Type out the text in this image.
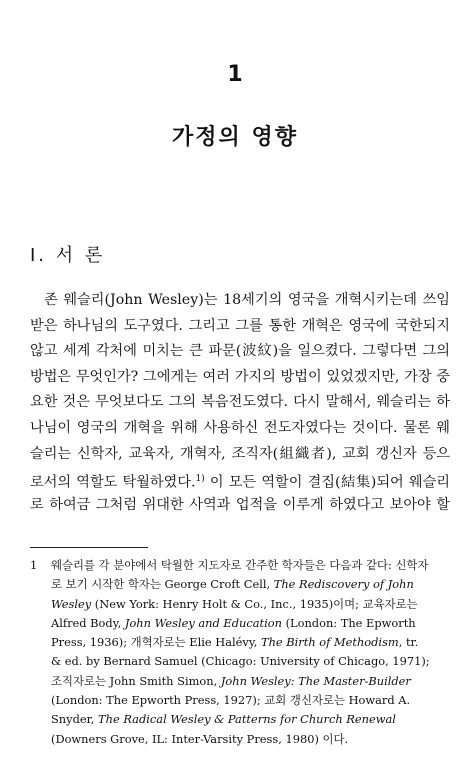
1
가정의 영향
I. 서 론
존 웨슬리(John Wesley)는 18세기의 영국을 개혁시키는데 쓰임
받은 하나님의 도구였다. 그리고 그를 통한 개혁은 영국에 국한되지
않고 세계 각처에 미치는 큰 파문(波紋)을 일으켰다. 그렇다면 그의
방법은 무엇인가? 그에게는 여러 가지의 방법이 있었겠지만, 가장 중
요한 것은 무엇보다도 그의 복음전도였다. 다시 말해서, 웨슬리는 하
나님이 영국의 개혁을 위해 사용하신 전도자였다는 것이다. 물론 웨
슬리는 신학자, 교육자, 개혁자, 조직자(組織者), 교회 갱신자 등으
로서의 역할도 탁월하였다.$^{1)}$ 이 모든 역할이 결집(結集)되어 웨슬리
로 하여금 그처럼 위대한 사역과 업적을 이루게 하였다고 보아야 할
1 웨슬리를 각 분야에서 탁월한 지도자로 간주한 학자들은 다음과 같다: 신학자
로 보기 시작한 학자는 George Croft Cell, The Rediscovery of John
Wesley (New York: Henry Holt & Co., Inc., 1935)이며; 교육자로는
Alfred Body, John Wesley and Education (London: The Epworth
Press, 1936); 개혁자로는 Elie Halévy, The Birth of Methodism, tr.
& ed. by Bernard Samuel (Chicago: University of Chicago, 1971);
조직자로는 John Smith Simon, John Wesley: The Master-Builder
(London: The Epworth Press, 1927); 교회 갱신자로는 Howard A.
Snyder, The Radical Wesley & Patterns for Church Renewal
(Downers Grove, IL: Inter-Varsity Press, 1980) 이다.
